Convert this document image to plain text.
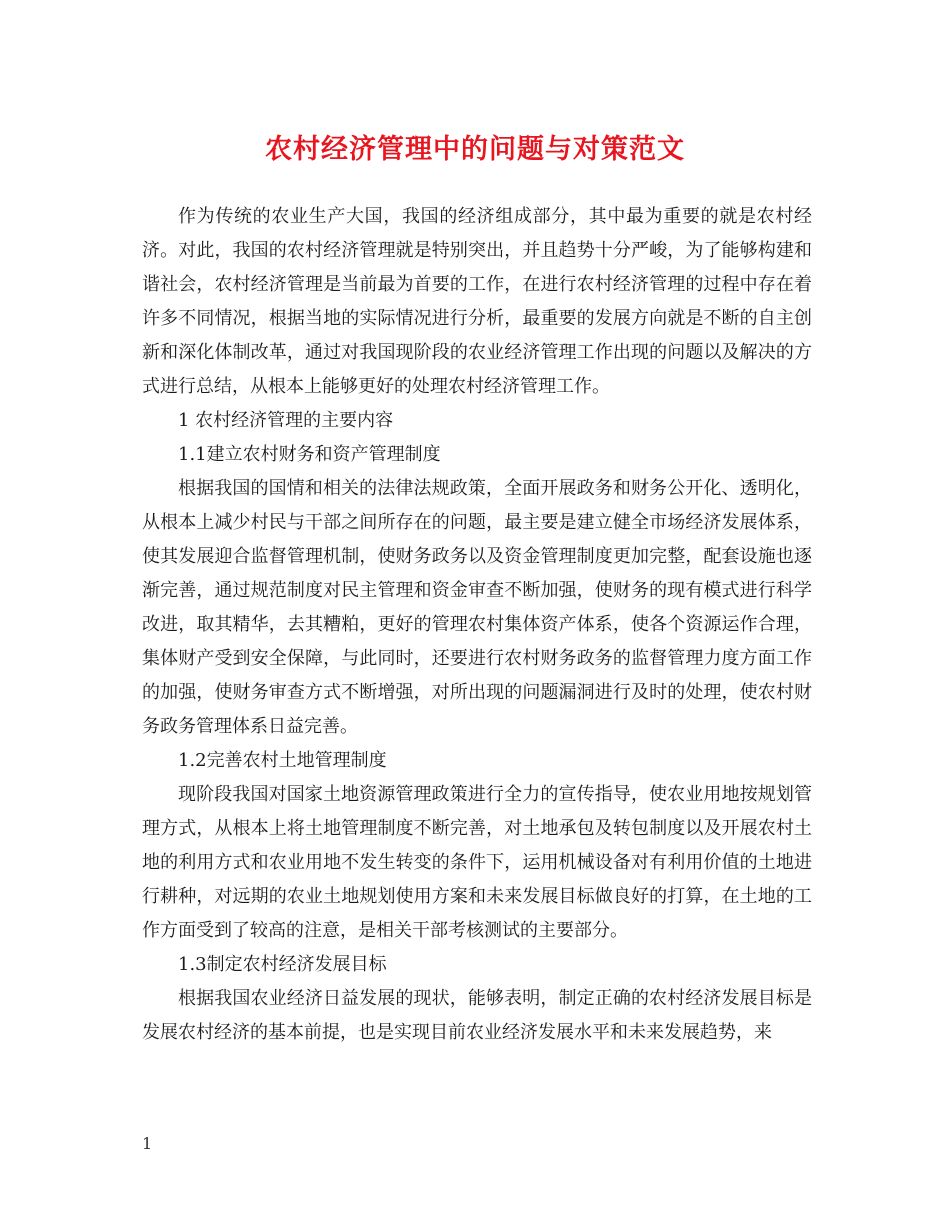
农村经济管理中的问题与对策范文

作为传统的农业生产大国，我国的经济组成部分，其中最为重要的就是农村经济。对此，我国的农村经济管理就是特别突出，并且趋势十分严峻，为了能够构建和谐社会，农村经济管理是当前最为首要的工作，在进行农村经济管理的过程中存在着许多不同情况，根据当地的实际情况进行分析，最重要的发展方向就是不断的自主创新和深化体制改革，通过对我国现阶段的农业经济管理工作出现的问题以及解决的方式进行总结，从根本上能够更好的处理农村经济管理工作。

1 农村经济管理的主要内容

1.1建立农村财务和资产管理制度

根据我国的国情和相关的法律法规政策，全面开展政务和财务公开化、透明化，从根本上减少村民与干部之间所存在的问题，最主要是建立健全市场经济发展体系，使其发展迎合监督管理机制，使财务政务以及资金管理制度更加完整，配套设施也逐渐完善，通过规范制度对民主管理和资金审查不断加强，使财务的现有模式进行科学改进，取其精华，去其糟粕，更好的管理农村集体资产体系，使各个资源运作合理，集体财产受到安全保障，与此同时，还要进行农村财务政务的监督管理力度方面工作的加强，使财务审查方式不断增强，对所出现的问题漏洞进行及时的处理，使农村财务政务管理体系日益完善。

1.2完善农村土地管理制度

现阶段我国对国家土地资源管理政策进行全力的宣传指导，使农业用地按规划管理方式，从根本上将土地管理制度不断完善，对土地承包及转包制度以及开展农村土地的利用方式和农业用地不发生转变的条件下，运用机械设备对有利用价值的土地进行耕种，对远期的农业土地规划使用方案和未来发展目标做良好的打算，在土地的工作方面受到了较高的注意，是相关干部考核测试的主要部分。

1.3制定农村经济发展目标

根据我国农业经济日益发展的现状，能够表明，制定正确的农村经济发展目标是发展农村经济的基本前提，也是实现目前农业经济发展水平和未来发展趋势，来

1
